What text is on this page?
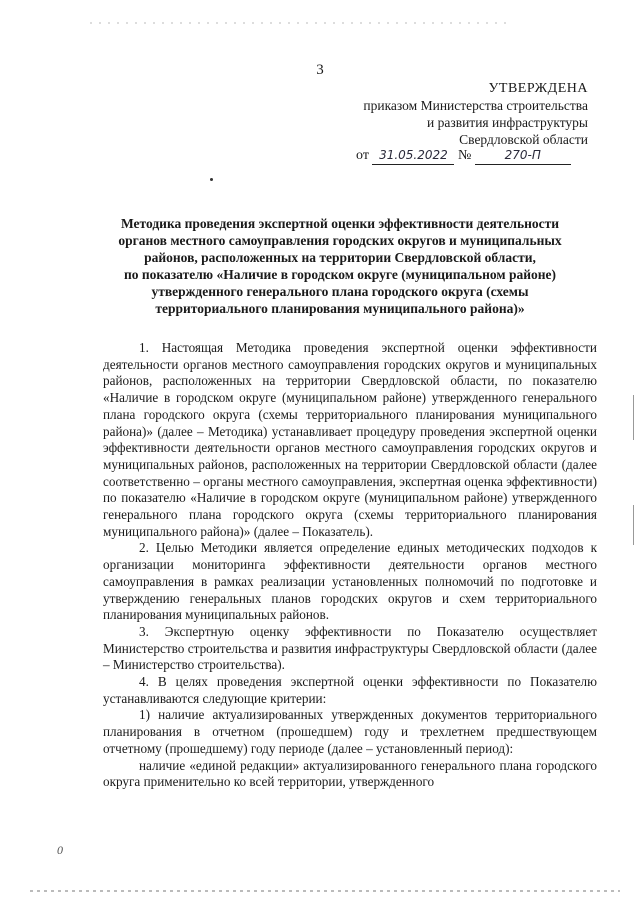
3
УТВЕРЖДЕНА
приказом Министерства строительства
и развития инфраструктуры
Свердловской области
от 31.05.2022 №	270-П
Методика проведения экспертной оценки эффективности деятельности
органов местного самоуправления городских округов и муниципальных
районов, расположенных на территории Свердловской области,
по показателю «Наличие в городском округе (муниципальном районе)
утвержденного генерального плана городского округа (схемы
территориального планирования муниципального района)»

1. Настоящая Методика проведения экспертной оценки эффективности деятельности органов местного самоуправления городских округов и муниципальных районов, расположенных на территории Свердловской области, по показателю «Наличие в городском округе (муниципальном районе) утвержденного генерального плана городского округа (схемы территориального планирования муниципального района)» (далее – Методика) устанавливает процедуру проведения экспертной оценки эффективности деятельности органов местного самоуправления городских округов и муниципальных районов, расположенных на территории Свердловской области (далее соответственно – органы местного самоуправления, экспертная оценка эффективности) по показателю «Наличие в городском округе (муниципальном районе) утвержденного генерального плана городского округа (схемы территориального планирования муниципального района)» (далее – Показатель).

2. Целью Методики является определение единых методических подходов к организации мониторинга эффективности деятельности органов местного самоуправления в рамках реализации установленных полномочий по подготовке и утверждению генеральных планов городских округов и схем территориального планирования муниципальных районов.

3. Экспертную оценку эффективности по Показателю осуществляет Министерство строительства и развития инфраструктуры Свердловской области (далее – Министерство строительства).

4. В целях проведения экспертной оценки эффективности по Показателю устанавливаются следующие критерии:

1) наличие актуализированных утвержденных документов территориального планирования в отчетном (прошедшем) году и трехлетнем предшествующем отчетному (прошедшему) году периоде (далее – установленный период):

наличие «единой редакции» актуализированного генерального плана городского округа применительно ко всей территории, утвержденного

0
